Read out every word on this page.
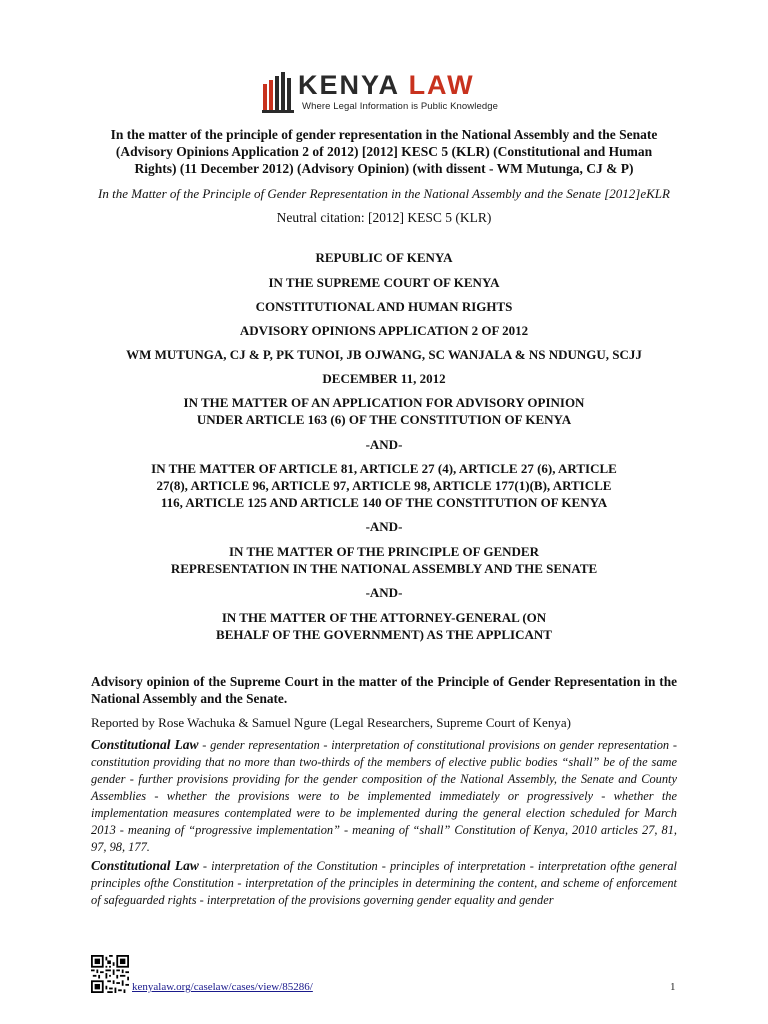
KENYA LAW
Where Legal Information is Public Knowledge
In the matter of the principle of gender representation in the National Assembly and the Senate (Advisory Opinions Application 2 of 2012) [2012] KESC 5 (KLR) (Constitutional and Human Rights) (11 December 2012) (Advisory Opinion) (with dissent - WM Mutunga, CJ & P)
In the Matter of the Principle of Gender Representation in the National Assembly and the Senate [2012]eKLR
Neutral citation: [2012] KESC 5 (KLR)
REPUBLIC OF KENYA
IN THE SUPREME COURT OF KENYA
CONSTITUTIONAL AND HUMAN RIGHTS
ADVISORY OPINIONS APPLICATION 2 OF 2012
WM MUTUNGA, CJ & P, PK TUNOI, JB OJWANG, SC WANJALA & NS NDUNGU, SCJJ
DECEMBER 11, 2012
IN THE MATTER OF AN APPLICATION FOR ADVISORY OPINION
UNDER ARTICLE 163 (6) OF THE CONSTITUTION OF KENYA
-AND-
IN THE MATTER OF ARTICLE 81, ARTICLE 27 (4), ARTICLE 27 (6), ARTICLE
27(8), ARTICLE 96, ARTICLE 97, ARTICLE 98, ARTICLE 177(1)(B), ARTICLE
116, ARTICLE 125 AND ARTICLE 140 OF THE CONSTITUTION OF KENYA
-AND-
IN THE MATTER OF THE PRINCIPLE OF GENDER
REPRESENTATION IN THE NATIONAL ASSEMBLY AND THE SENATE
-AND-
IN THE MATTER OF THE ATTORNEY-GENERAL (ON
BEHALF OF THE GOVERNMENT) AS THE APPLICANT
Advisory opinion of the Supreme Court in the matter of the Principle of Gender Representation in the National Assembly and the Senate.
Reported by Rose Wachuka & Samuel Ngure (Legal Researchers, Supreme Court of Kenya)
Constitutional Law - gender representation - interpretation of constitutional provisions on gender representation - constitution providing that no more than two-thirds of the members of elective public bodies “shall” be of the same gender - further provisions providing for the gender composition of the National Assembly, the Senate and County Assemblies - whether the provisions were to be implemented immediately or progressively - whether the implementation measures contemplated were to be implemented during the general election scheduled for March 2013 - meaning of “progressive implementation” - meaning of “shall” Constitution of Kenya, 2010 articles 27, 81, 97, 98, 177.
Constitutional Law - interpretation of the Constitution - principles of interpretation - interpretation ofthe general principles ofthe Constitution - interpretation of the principles in determining the content, and scheme of enforcement of safeguarded rights - interpretation of the provisions governing gender equality and gender
kenyalaw.org/caselaw/cases/view/85286/	1
